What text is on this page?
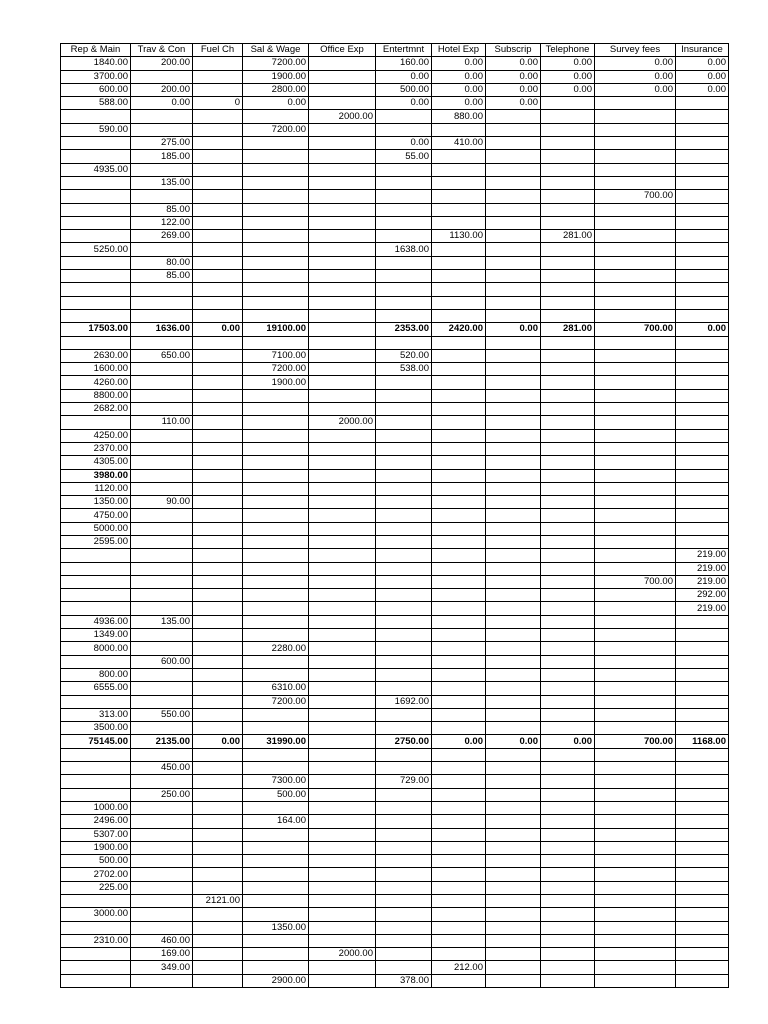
Rep & Main	Trav & Con	Fuel Ch	Sal & Wage	Office Exp	Entertmnt	Hotel Exp	Subscrip	Telephone	Survey fees	Insurance
1840.00	200.00		7200.00		160.00	0.00	0.00	0.00	0.00	0.00
3700.00			1900.00		0.00	0.00	0.00	0.00	0.00	0.00
600.00	200.00		2800.00		500.00	0.00	0.00	0.00	0.00	0.00
588.00	0.00	0	0.00		0.00	0.00	0.00			
				2000.00		880.00				
590.00			7200.00							
	275.00				0.00	410.00				
	185.00				55.00					
4935.00										
	135.00									
									700.00	
	85.00									
	122.00									
	269.00					1130.00		281.00		
5250.00					1638.00					
	80.00									
	85.00									

17503.00	1636.00	0.00	19100.00		2353.00	2420.00	0.00	281.00	700.00	0.00

2630.00	650.00		7100.00		520.00					
1600.00			7200.00		538.00					
4260.00			1900.00							
8800.00										
2682.00										
	110.00			2000.00						
4250.00										
2370.00										
4305.00										
3980.00										
1120.00										
1350.00	90.00									
4750.00										
5000.00										
2595.00										
										219.00
										219.00
									700.00	219.00
										292.00
										219.00
4936.00	135.00									
1349.00										
8000.00			2280.00							
	600.00									
800.00										
6555.00			6310.00							
			7200.00		1692.00					
313.00	550.00									
3500.00										
75145.00	2135.00	0.00	31990.00		2750.00	0.00	0.00	0.00	700.00	1168.00

	450.00									
			7300.00		729.00					
	250.00		500.00							
1000.00										
2496.00			164.00							
5307.00										
1900.00										
500.00										
2702.00										
225.00										
		2121.00								
3000.00										
			1350.00							
2310.00	460.00									
	169.00			2000.00						
	349.00					212.00				
			2900.00		378.00					
